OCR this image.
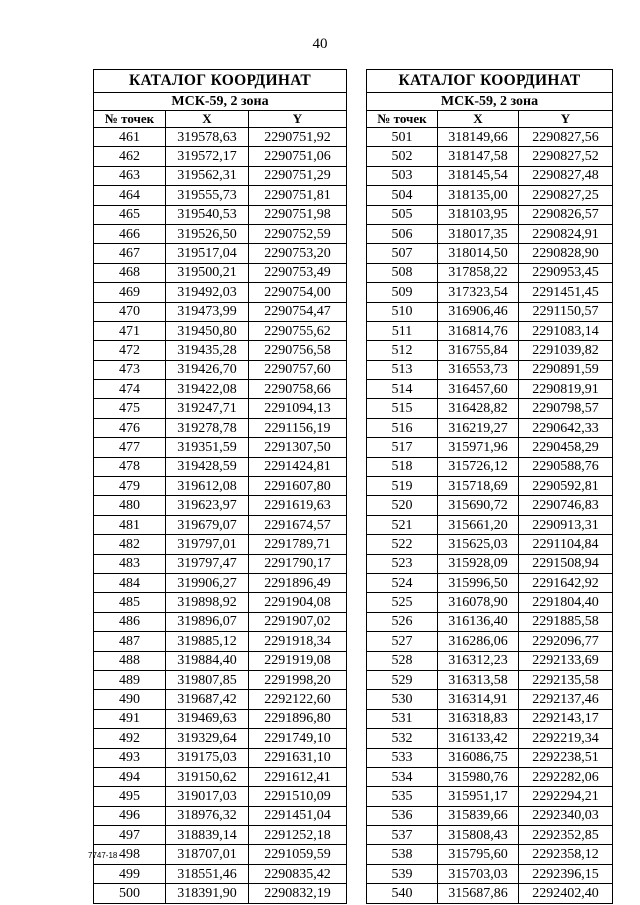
40
КАТАЛОГ КООРДИНАТ		
МСК-59, 2 зона		
№ точек	X	Y
461	319578,63	2290751,92
462	319572,17	2290751,06
463	319562,31	2290751,29
464	319555,73	2290751,81
465	319540,53	2290751,98
466	319526,50	2290752,59
467	319517,04	2290753,20
468	319500,21	2290753,49
469	319492,03	2290754,00
470	319473,99	2290754,47
471	319450,80	2290755,62
472	319435,28	2290756,58
473	319426,70	2290757,60
474	319422,08	2290758,66
475	319247,71	2291094,13
476	319278,78	2291156,19
477	319351,59	2291307,50
478	319428,59	2291424,81
479	319612,08	2291607,80
480	319623,97	2291619,63
481	319679,07	2291674,57
482	319797,01	2291789,71
483	319797,47	2291790,17
484	319906,27	2291896,49
485	319898,92	2291904,08
486	319896,07	2291907,02
487	319885,12	2291918,34
488	319884,40	2291919,08
489	319807,85	2291998,20
490	319687,42	2292122,60
491	319469,63	2291896,80
492	319329,64	2291749,10
493	319175,03	2291631,10
494	319150,62	2291612,41
495	319017,03	2291510,09
496	318976,32	2291451,04
497	318839,14	2291252,18
498	318707,01	2291059,59
499	318551,46	2290835,42
500	318391,90	2290832,19
КАТАЛОГ КООРДИНАТ		
МСК-59, 2 зона		
№ точек	X	Y
501	318149,66	2290827,56
502	318147,58	2290827,52
503	318145,54	2290827,48
504	318135,00	2290827,25
505	318103,95	2290826,57
506	318017,35	2290824,91
507	318014,50	2290828,90
508	317858,22	2290953,45
509	317323,54	2291451,45
510	316906,46	2291150,57
511	316814,76	2291083,14
512	316755,84	2291039,82
513	316553,73	2290891,59
514	316457,60	2290819,91
515	316428,82	2290798,57
516	316219,27	2290642,33
517	315971,96	2290458,29
518	315726,12	2290588,76
519	315718,69	2290592,81
520	315690,72	2290746,83
521	315661,20	2290913,31
522	315625,03	2291104,84
523	315928,09	2291508,94
524	315996,50	2291642,92
525	316078,90	2291804,40
526	316136,40	2291885,58
527	316286,06	2292096,77
528	316312,23	2292133,69
529	316313,58	2292135,58
530	316314,91	2292137,46
531	316318,83	2292143,17
532	316133,42	2292219,34
533	316086,75	2292238,51
534	315980,76	2292282,06
535	315951,17	2292294,21
536	315839,66	2292340,03
537	315808,43	2292352,85
538	315795,60	2292358,12
539	315703,03	2292396,15
540	315687,86	2292402,40
7747-18
